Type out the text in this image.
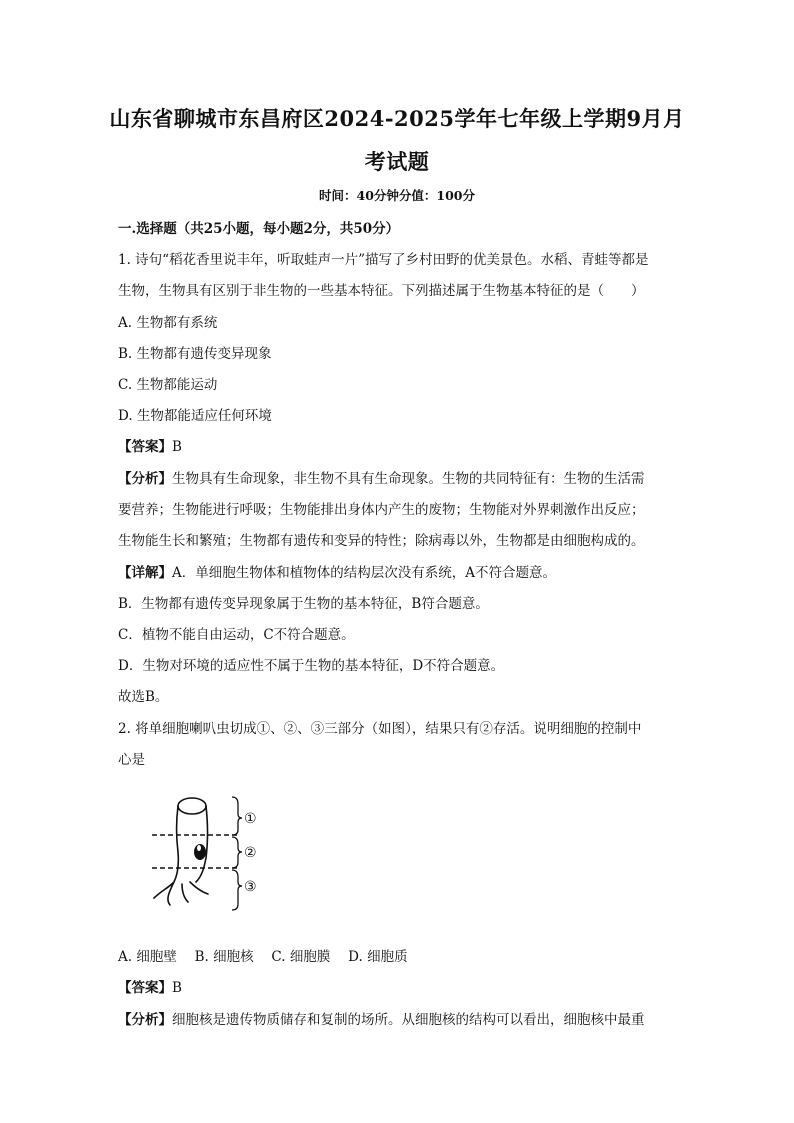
山东省聊城市东昌府区2024-2025学年七年级上学期9月月
考试题
时间：40分钟分值：100分
一.选择题（共25小题，每小题2分，共50分）
1. 诗句“稻花香里说丰年，听取蛙声一片”描写了乡村田野的优美景色。水稻、青蛙等都是
生物，生物具有区别于非生物的一些基本特征。下列描述属于生物基本特征的是（　　）
A. 生物都有系统
B. 生物都有遗传变异现象
C. 生物都能运动
D. 生物都能适应任何环境
【答案】B
【分析】生物具有生命现象，非生物不具有生命现象。生物的共同特征有：生物的生活需
要营养；生物能进行呼吸；生物能排出身体内产生的废物；生物能对外界刺激作出反应；
生物能生长和繁殖；生物都有遗传和变异的特性；除病毒以外，生物都是由细胞构成的。
【详解】A．单细胞生物体和植物体的结构层次没有系统，A不符合题意。
B．生物都有遗传变异现象属于生物的基本特征，B符合题意。
C．植物不能自由运动，C不符合题意。
D．生物对环境的适应性不属于生物的基本特征，D不符合题意。
故选B。
2. 将单细胞喇叭虫切成①、②、③三部分（如图），结果只有②存活。说明细胞的控制中
心是
①
②
③
A. 细胞壁　 B. 细胞核　 C. 细胞膜　 D. 细胞质
【答案】B
【分析】细胞核是遗传物质储存和复制的场所。从细胞核的结构可以看出，细胞核中最重
